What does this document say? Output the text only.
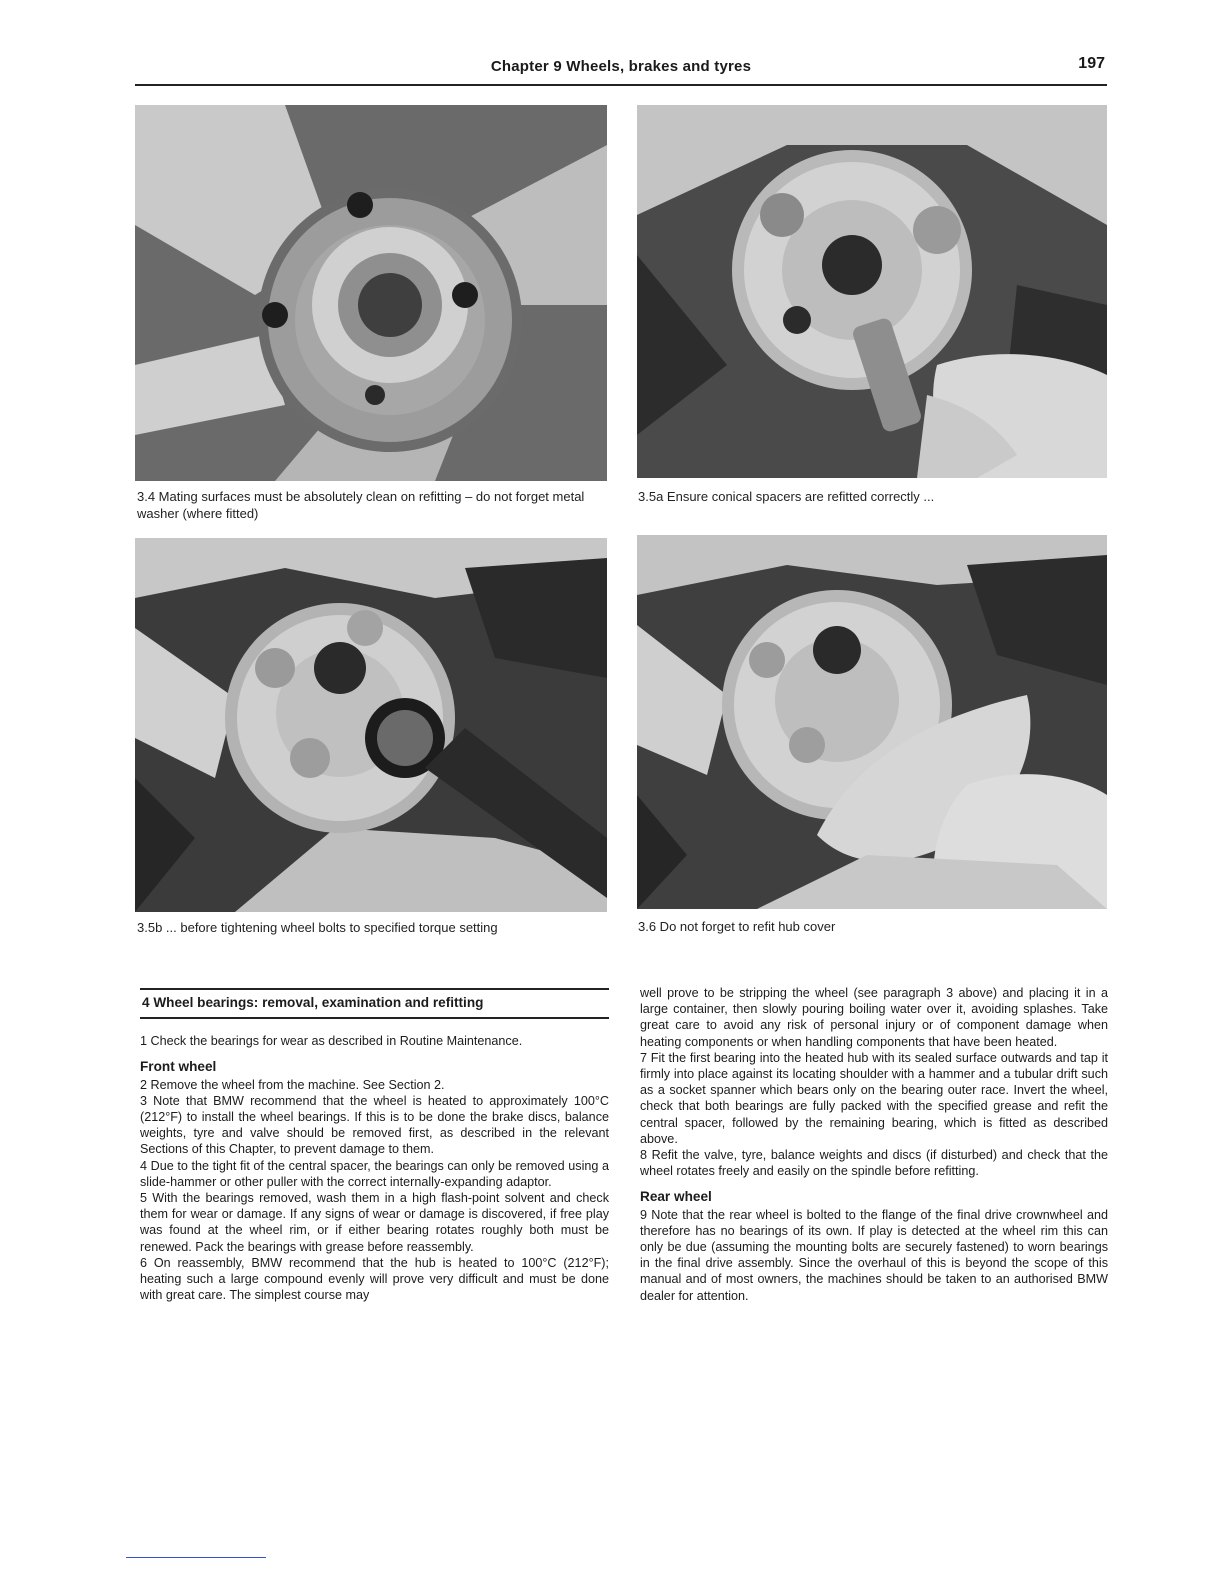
Chapter 9 Wheels, brakes and tyres	197
3.4 Mating surfaces must be absolutely clean on refitting – do not forget metal washer (where fitted)
3.5a Ensure conical spacers are refitted correctly ...
3.5b ... before tightening wheel bolts to specified torque setting	3.6 Do not forget to refit hub cover
4 Wheel bearings: removal, examination and refitting

1 Check the bearings for wear as described in Routine Maintenance.

Front wheel

2 Remove the wheel from the machine. See Section 2.

3 Note that BMW recommend that the wheel is heated to approximately 100°C (212°F) to install the wheel bearings. If this is to be done the brake discs, balance weights, tyre and valve should be removed first, as described in the relevant Sections of this Chapter, to prevent damage to them.

4 Due to the tight fit of the central spacer, the bearings can only be removed using a slide-hammer or other puller with the correct internally-expanding adaptor.

5 With the bearings removed, wash them in a high flash-point solvent and check them for wear or damage. If any signs of wear or damage is discovered, if free play was found at the wheel rim, or if either bearing rotates roughly both must be renewed. Pack the bearings with grease before reassembly.

6 On reassembly, BMW recommend that the hub is heated to 100°C (212°F); heating such a large compound evenly will prove very difficult and must be done with great care. The simplest course may

well prove to be stripping the wheel (see paragraph 3 above) and placing it in a large container, then slowly pouring boiling water over it, avoiding splashes. Take great care to avoid any risk of personal injury or of component damage when heating components or when handling components that have been heated.

7 Fit the first bearing into the heated hub with its sealed surface outwards and tap it firmly into place against its locating shoulder with a hammer and a tubular drift such as a socket spanner which bears only on the bearing outer race. Invert the wheel, check that both bearings are fully packed with the specified grease and refit the central spacer, followed by the remaining bearing, which is fitted as described above.

8 Refit the valve, tyre, balance weights and discs (if disturbed) and check that the wheel rotates freely and easily on the spindle before refitting.

Rear wheel

9 Note that the rear wheel is bolted to the flange of the final drive crownwheel and therefore has no bearings of its own. If play is detected at the wheel rim this can only be due (assuming the mounting bolts are securely fastened) to worn bearings in the final drive assembly. Since the overhaul of this is beyond the scope of this manual and of most owners, the machines should be taken to an authorised BMW dealer for attention.
